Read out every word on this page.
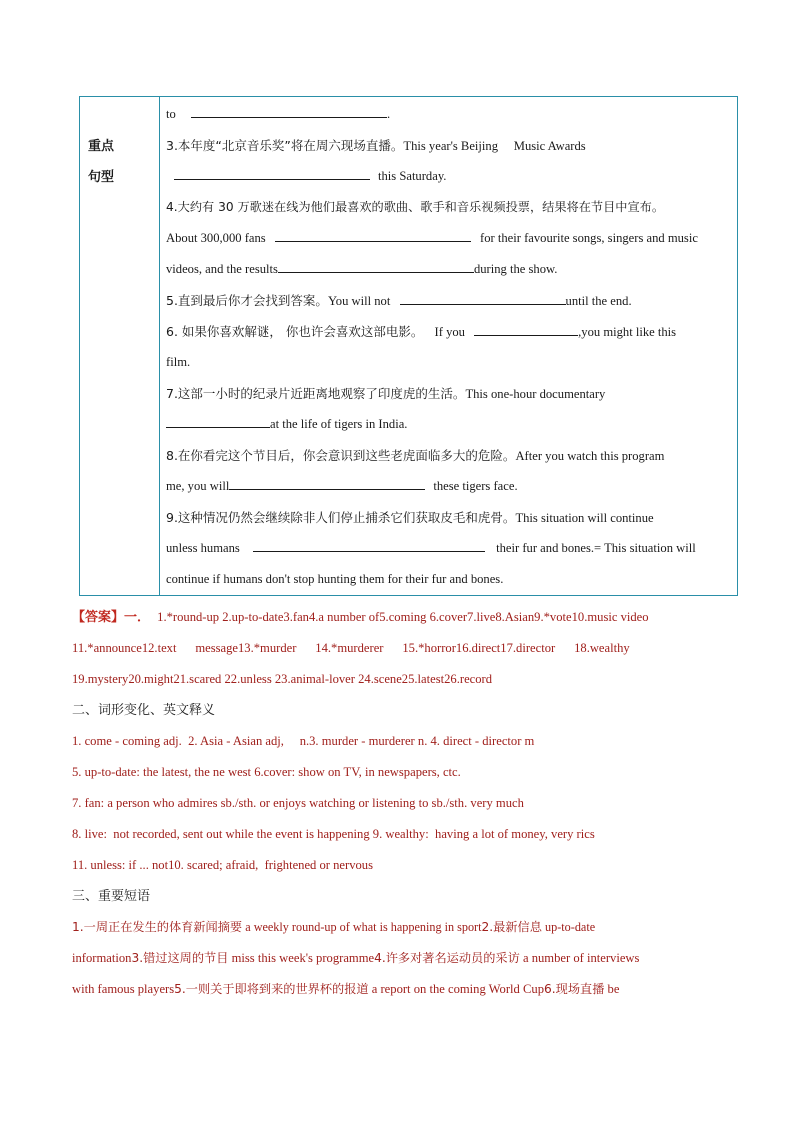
重点
句型
to	.
3.本年度“北京音乐奖”将在周六现场直播。This year's Beijing     Music Awards
this Saturday.
4.大约有 30 万歌迷在线为他们最喜欢的歌曲、歌手和音乐视频投票，结果将在节目中宣布。
About 300,000 fans	for their favourite songs, singers and music
videos, and the results	during the show.
5.直到最后你才会找到答案。You will not	until the end.
6. 如果你喜欢解谜， 你也许会喜欢这部电影。 If you	,you might like this
film.
7.这部一小时的纪录片近距离地观察了印度虎的生活。This one-hour documentary
at the life of tigers in India.
8.在你看完这个节目后，你会意识到这些老虎面临多大的危险。After you watch this program
me, you will	these tigers face.
9.这种情况仍然会继续除非人们停止捕杀它们获取皮毛和虎骨。This situation will continue
unless humans	their fur and bones.= This situation will
continue if humans don't stop hunting them for their fur and bones.
【答案】一． 1.*round-up 2.up-to-date3.fan4.a number of5.coming 6.cover7.live8.Asian9.*vote10.music video
11.*announce12.text      message13.*murder      14.*murderer      15.*horror16.direct17.director      18.wealthy
19.mystery20.might21.scared 22.unless 23.animal-lover 24.scene25.latest26.record
二、词形变化、英文释义
1. come - coming adj.  2. Asia - Asian adj,     n.3. murder - murderer n. 4. direct - director m
5. up-to-date: the latest, the ne west 6.cover: show on TV, in newspapers, ctc.
7. fan: a person who admires sb./sth. or enjoys watching or listening to sb./sth. very much
8. live:  not recorded, sent out while the event is happening 9. wealthy:  having a lot of money, very rics
11. unless: if ... not10. scared; afraid,  frightened or nervous
三、重要短语
1.一周正在发生的体育新闻摘要 a weekly round-up of what is happening in sport2.最新信息 up-to-date
information3.错过这周的节目 miss this week's programme4.许多对著名运动员的采访 a number of interviews
with famous players5.一则关于即将到来的世界杯的报道 a report on the coming World Cup6.现场直播 be
